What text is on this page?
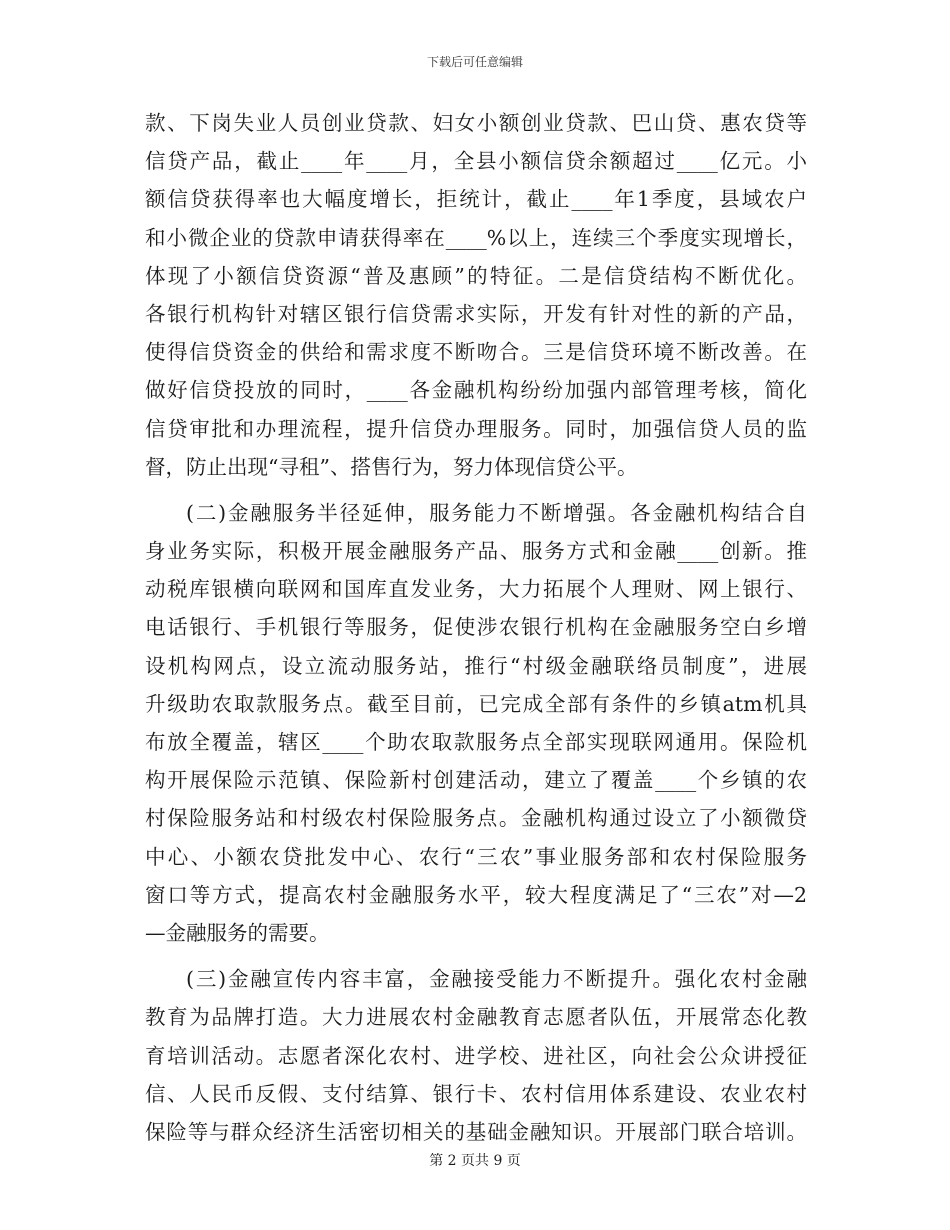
下载后可任意编辑
款、下岗失业人员创业贷款、妇女小额创业贷款、巴山贷、惠农贷等
信贷产品，截止____年____月，全县小额信贷余额超过____亿元。小
额信贷获得率也大幅度增长，拒统计，截止____年1季度，县域农户
和小微企业的贷款申请获得率在____%以上，连续三个季度实现增长，
体现了小额信贷资源“普及惠顾”的特征。二是信贷结构不断优化。
各银行机构针对辖区银行信贷需求实际，开发有针对性的新的产品，
使得信贷资金的供给和需求度不断吻合。三是信贷环境不断改善。在
做好信贷投放的同时，____各金融机构纷纷加强内部管理考核，简化
信贷审批和办理流程，提升信贷办理服务。同时，加强信贷人员的监
督，防止出现“寻租”、搭售行为，努力体现信贷公平。
(二)金融服务半径延伸，服务能力不断增强。各金融机构结合自
身业务实际，积极开展金融服务产品、服务方式和金融____创新。推
动税库银横向联网和国库直发业务，大力拓展个人理财、网上银行、
电话银行、手机银行等服务，促使涉农银行机构在金融服务空白乡增
设机构网点，设立流动服务站，推行“村级金融联络员制度”，进展
升级助农取款服务点。截至目前，已完成全部有条件的乡镇atm机具
布放全覆盖，辖区____个助农取款服务点全部实现联网通用。保险机
构开展保险示范镇、保险新村创建活动，建立了覆盖____个乡镇的农
村保险服务站和村级农村保险服务点。金融机构通过设立了小额微贷
中心、小额农贷批发中心、农行“三农”事业服务部和农村保险服务
窗口等方式，提高农村金融服务水平，较大程度满足了“三农”对—2
—金融服务的需要。
(三)金融宣传内容丰富，金融接受能力不断提升。强化农村金融
教育为品牌打造。大力进展农村金融教育志愿者队伍，开展常态化教
育培训活动。志愿者深化农村、进学校、进社区，向社会公众讲授征
信、人民币反假、支付结算、银行卡、农村信用体系建设、农业农村
保险等与群众经济生活密切相关的基础金融知识。开展部门联合培训。
第 2 页共 9 页
